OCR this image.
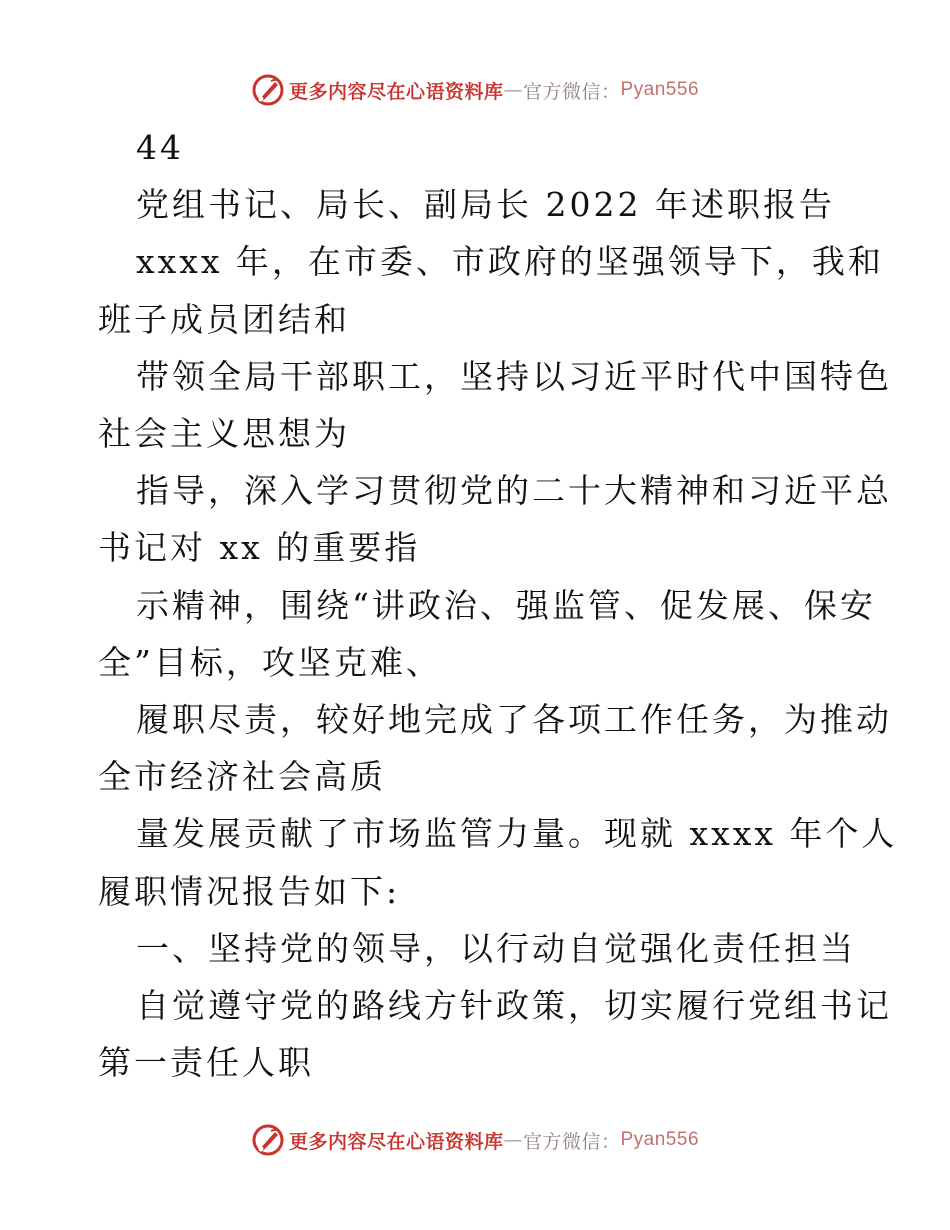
更多内容尽在心语资料库 — 官方微信： Pyan556

44

党组书记、局长、副局长 2022 年述职报告

xxxx 年，在市委、市政府的坚强领导下，我和

班子成员团结和

带领全局干部职工，坚持以习近平时代中国特色

社会主义思想为

指导，深入学习贯彻党的二十大精神和习近平总

书记对 xx 的重要指

示精神，围绕“讲政治、强监管、促发展、保安

全”目标，攻坚克难、

履职尽责，较好地完成了各项工作任务，为推动

全市经济社会高质

量发展贡献了市场监管力量。现就 xxxx 年个人

履职情况报告如下:

一、坚持党的领导，以行动自觉强化责任担当

自觉遵守党的路线方针政策，切实履行党组书记

第一责任人职

更多内容尽在心语资料库 — 官方微信： Pyan556
